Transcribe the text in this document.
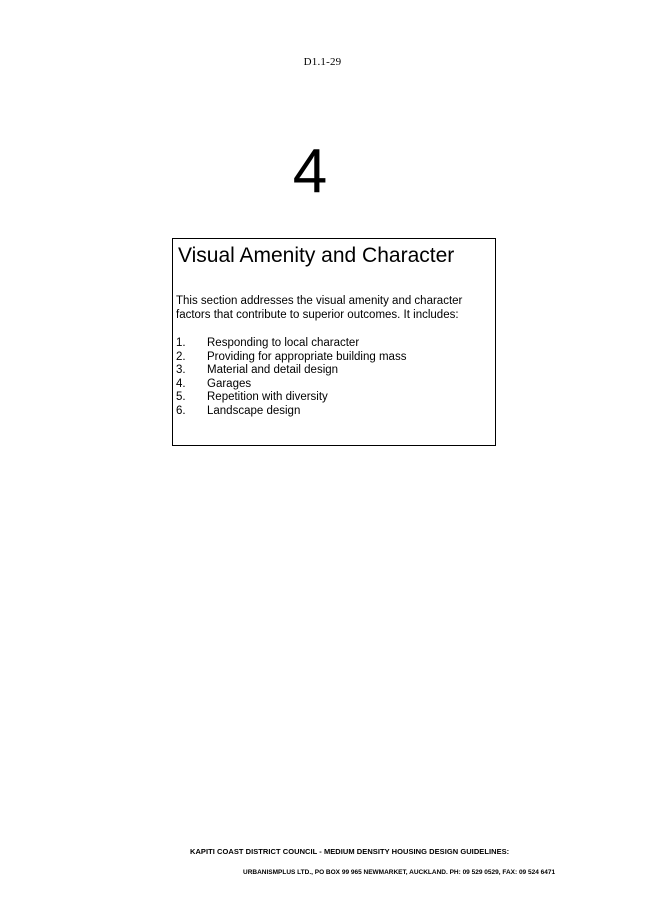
D1.1-29
4
Visual Amenity and Character

This section addresses the visual amenity and character factors that contribute to superior outcomes. It includes:

1.	Responding to local character
2.	Providing for appropriate building mass
3.	Material and detail design
4.	Garages
5.	Repetition with diversity
6.	Landscape design
KAPITI COAST DISTRICT COUNCIL - MEDIUM DENSITY HOUSING DESIGN GUIDELINES:
URBANISMPLUS LTD., PO BOX 99 965 NEWMARKET, AUCKLAND. PH: 09 529 0529, FAX: 09 524 6471
